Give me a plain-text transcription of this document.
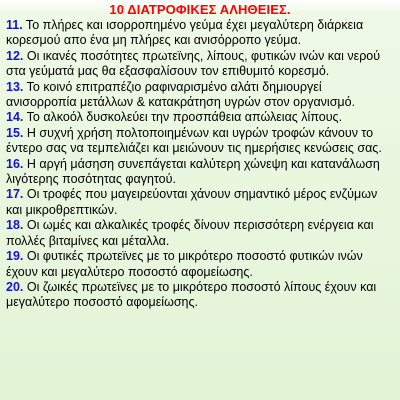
10 ΔΙΑΤΡΟΦΙΚΕΣ ΑΛΗΘΕΙΕΣ.
11. Το πλήρες και ισορροπημένο γεύμα έχει μεγαλύτερη διάρκεια κορεσμού απο ένα μη πλήρες και ανισόρροπο γεύμα.
12. Οι ικανές ποσότητες πρωτεϊνης, λίπους, φυτικών ινών και νερού στα γεύματά μας θα εξασφαλίσουν τον επιθυμιτό κορεσμό.
13. Το κοινό επιτραπέζιο ραφιναρισμένο αλάτι δημιουργεί ανισορροπία μετάλλων & κατακράτηση υγρών στον οργανισμό.
14. Το αλκοόλ δυσκολεύει την προσπάθεια απώλειας λίπους.
15. Η συχνή χρήση πολτοποιημένων και υγρών τροφών κάνουν το έντερο σας να τεμπελιάζει και μειώνουν τις ημερήσιες κενώσεις σας.
16. Η αργή μάσηση συνεπάγεται καλύτερη χώνεψη και κατανάλωση λιγότερης ποσότητας φαγητού.
17. Οι τροφές που μαγειρεύονται χάνουν σημαντικό μέρος ενζύμων και μικροθρεπτικών.
18. Οι ωμές και αλκαλικές τροφές δίνουν περισσότερη ενέργεια και πολλές βιταμίνες και μέταλλα.
19. Οι φυτικές πρωτεϊνες με το μικρότερο ποσοστό φυτικών ινών έχουν και μεγαλύτερο ποσοστό αφομείωσης.
20. Οι ζωικές πρωτεϊνες με το μικρότερο ποσοστό λίπους έχουν και μεγαλύτερο ποσοστό αφομείωσης.
